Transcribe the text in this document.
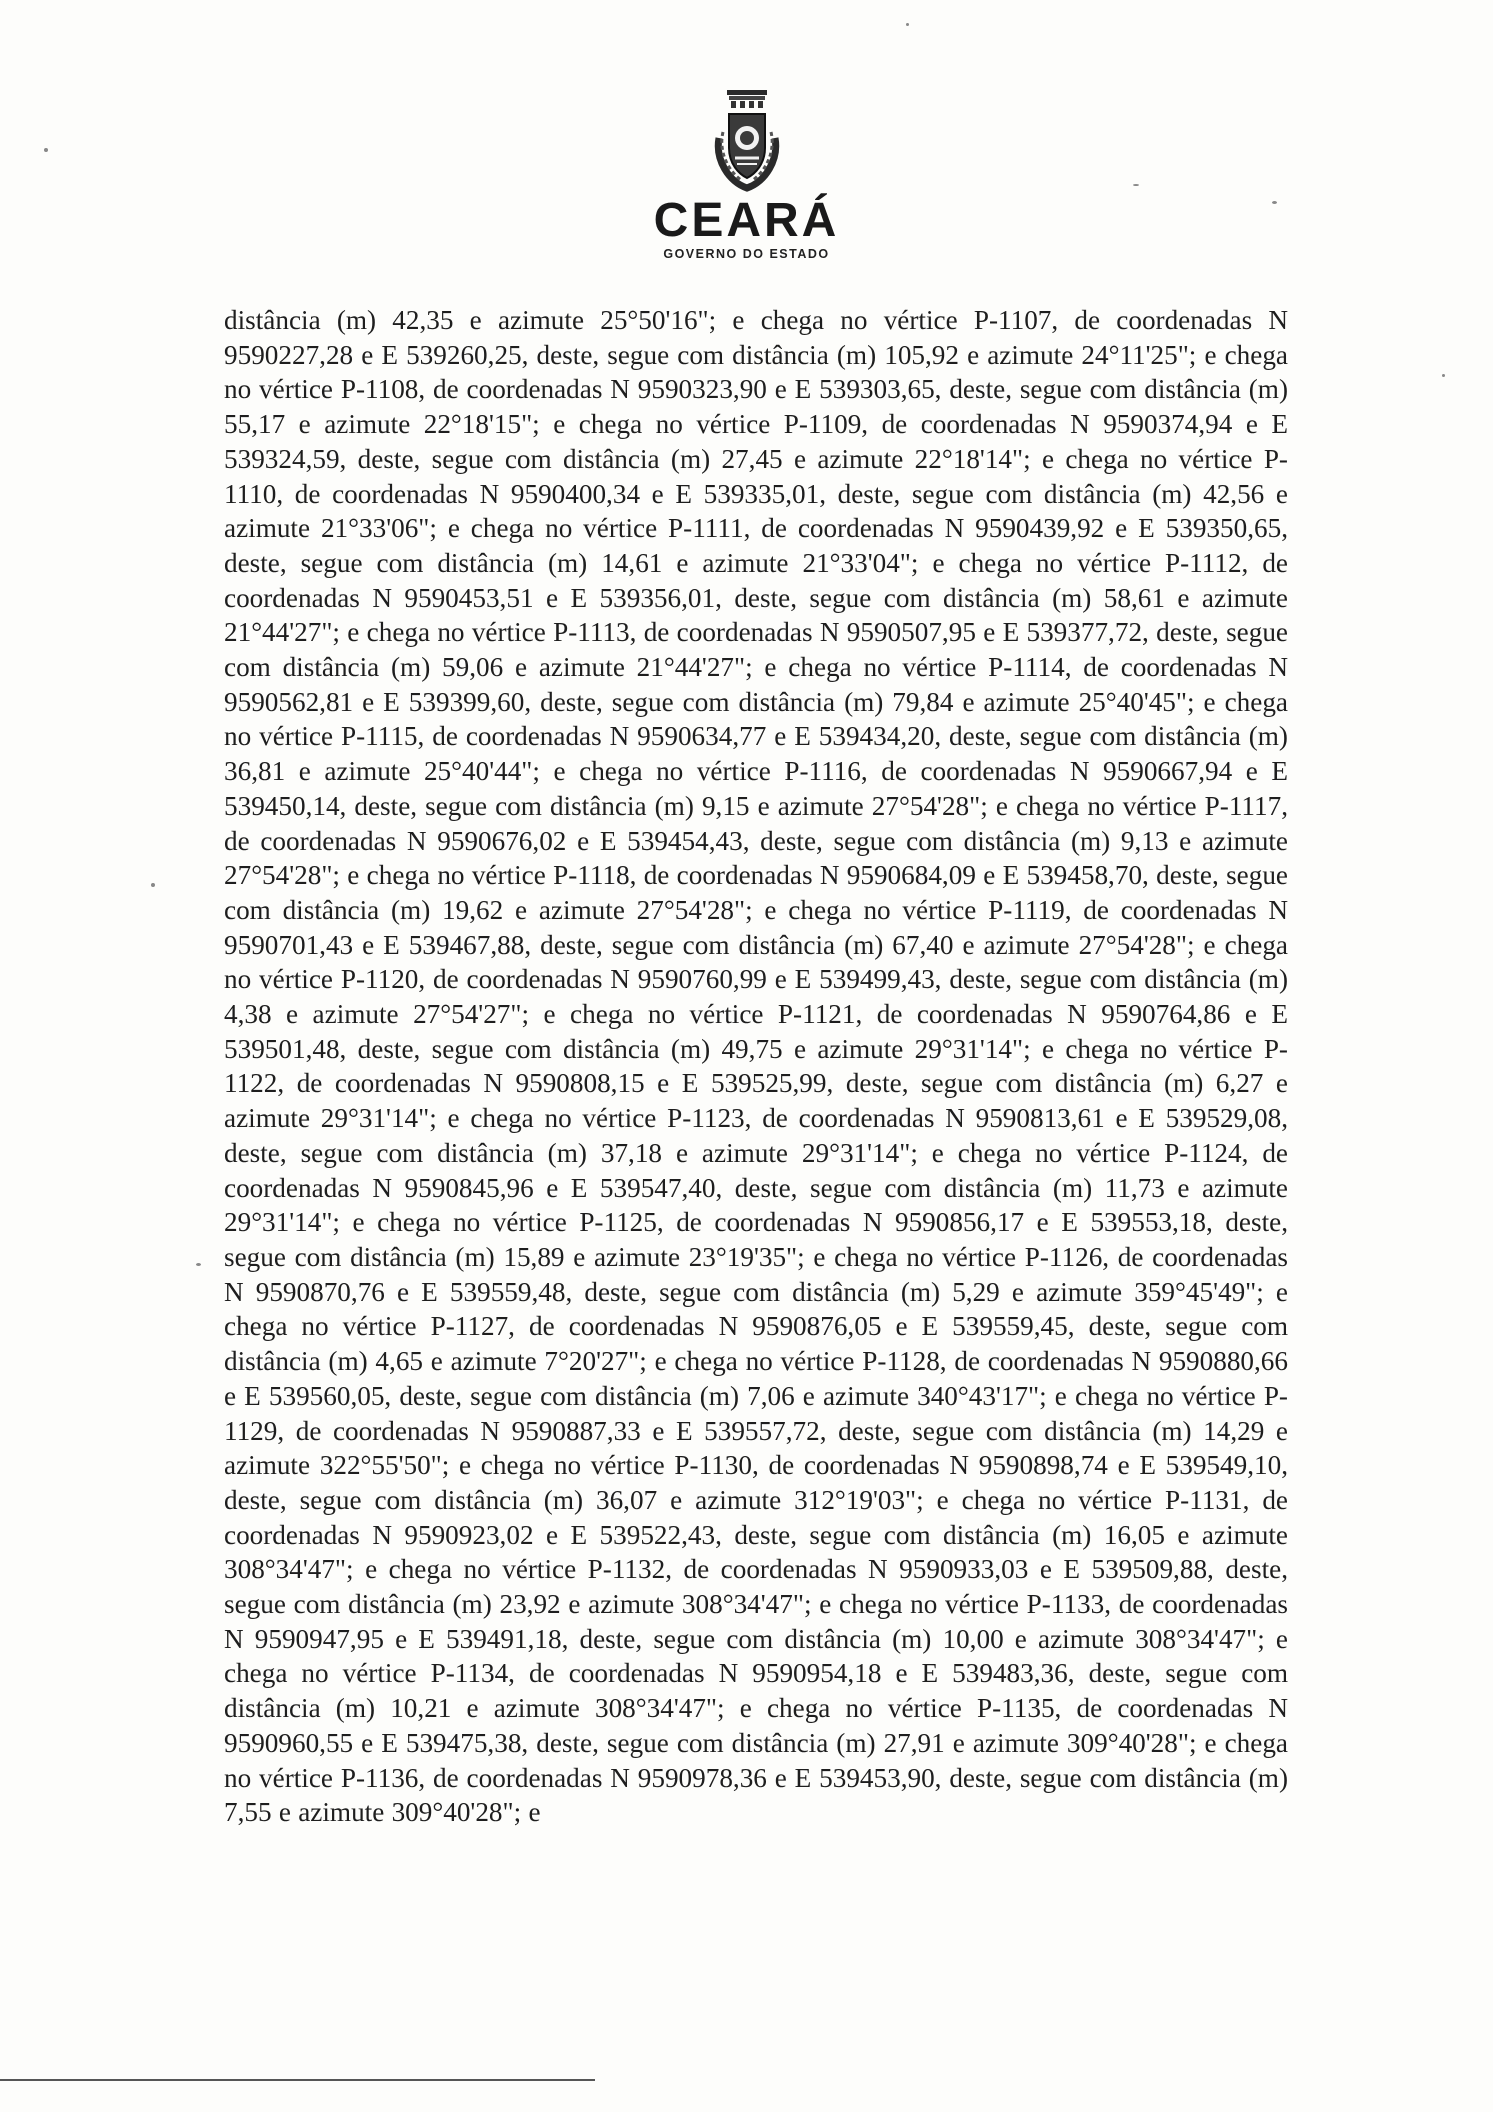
CEARÁ
GOVERNO DO ESTADO

distância (m) 42,35 e azimute 25°50'16"; e chega no vértice P-1107, de coordenadas N 9590227,28 e E 539260,25, deste, segue com distância (m) 105,92 e azimute 24°11'25"; e chega no vértice P-1108, de coordenadas N 9590323,90 e E 539303,65, deste, segue com distância (m) 55,17 e azimute 22°18'15"; e chega no vértice P-1109, de coordenadas N 9590374,94 e E 539324,59, deste, segue com distância (m) 27,45 e azimute 22°18'14"; e chega no vértice P-1110, de coordenadas N 9590400,34 e E 539335,01, deste, segue com distância (m) 42,56 e azimute 21°33'06"; e chega no vértice P-1111, de coordenadas N 9590439,92 e E 539350,65, deste, segue com distância (m) 14,61 e azimute 21°33'04"; e chega no vértice P-1112, de coordenadas N 9590453,51 e E 539356,01, deste, segue com distância (m) 58,61 e azimute 21°44'27"; e chega no vértice P-1113, de coordenadas N 9590507,95 e E 539377,72, deste, segue com distância (m) 59,06 e azimute 21°44'27"; e chega no vértice P-1114, de coordenadas N 9590562,81 e E 539399,60, deste, segue com distância (m) 79,84 e azimute 25°40'45"; e chega no vértice P-1115, de coordenadas N 9590634,77 e E 539434,20, deste, segue com distância (m) 36,81 e azimute 25°40'44"; e chega no vértice P-1116, de coordenadas N 9590667,94 e E 539450,14, deste, segue com distância (m) 9,15 e azimute 27°54'28"; e chega no vértice P-1117, de coordenadas N 9590676,02 e E 539454,43, deste, segue com distância (m) 9,13 e azimute 27°54'28"; e chega no vértice P-1118, de coordenadas N 9590684,09 e E 539458,70, deste, segue com distância (m) 19,62 e azimute 27°54'28"; e chega no vértice P-1119, de coordenadas N 9590701,43 e E 539467,88, deste, segue com distância (m) 67,40 e azimute 27°54'28"; e chega no vértice P-1120, de coordenadas N 9590760,99 e E 539499,43, deste, segue com distância (m) 4,38 e azimute 27°54'27"; e chega no vértice P-1121, de coordenadas N 9590764,86 e E 539501,48, deste, segue com distância (m) 49,75 e azimute 29°31'14"; e chega no vértice P-1122, de coordenadas N 9590808,15 e E 539525,99, deste, segue com distância (m) 6,27 e azimute 29°31'14"; e chega no vértice P-1123, de coordenadas N 9590813,61 e E 539529,08, deste, segue com distância (m) 37,18 e azimute 29°31'14"; e chega no vértice P-1124, de coordenadas N 9590845,96 e E 539547,40, deste, segue com distância (m) 11,73 e azimute 29°31'14"; e chega no vértice P-1125, de coordenadas N 9590856,17 e E 539553,18, deste, segue com distância (m) 15,89 e azimute 23°19'35"; e chega no vértice P-1126, de coordenadas N 9590870,76 e E 539559,48, deste, segue com distância (m) 5,29 e azimute 359°45'49"; e chega no vértice P-1127, de coordenadas N 9590876,05 e E 539559,45, deste, segue com distância (m) 4,65 e azimute 7°20'27"; e chega no vértice P-1128, de coordenadas N 9590880,66 e E 539560,05, deste, segue com distância (m) 7,06 e azimute 340°43'17"; e chega no vértice P-1129, de coordenadas N 9590887,33 e E 539557,72, deste, segue com distância (m) 14,29 e azimute 322°55'50"; e chega no vértice P-1130, de coordenadas N 9590898,74 e E 539549,10, deste, segue com distância (m) 36,07 e azimute 312°19'03"; e chega no vértice P-1131, de coordenadas N 9590923,02 e E 539522,43, deste, segue com distância (m) 16,05 e azimute 308°34'47"; e chega no vértice P-1132, de coordenadas N 9590933,03 e E 539509,88, deste, segue com distância (m) 23,92 e azimute 308°34'47"; e chega no vértice P-1133, de coordenadas N 9590947,95 e E 539491,18, deste, segue com distância (m) 10,00 e azimute 308°34'47"; e chega no vértice P-1134, de coordenadas N 9590954,18 e E 539483,36, deste, segue com distância (m) 10,21 e azimute 308°34'47"; e chega no vértice P-1135, de coordenadas N 9590960,55 e E 539475,38, deste, segue com distância (m) 27,91 e azimute 309°40'28"; e chega no vértice P-1136, de coordenadas N 9590978,36 e E 539453,90, deste, segue com distância (m) 7,55 e azimute 309°40'28"; e
